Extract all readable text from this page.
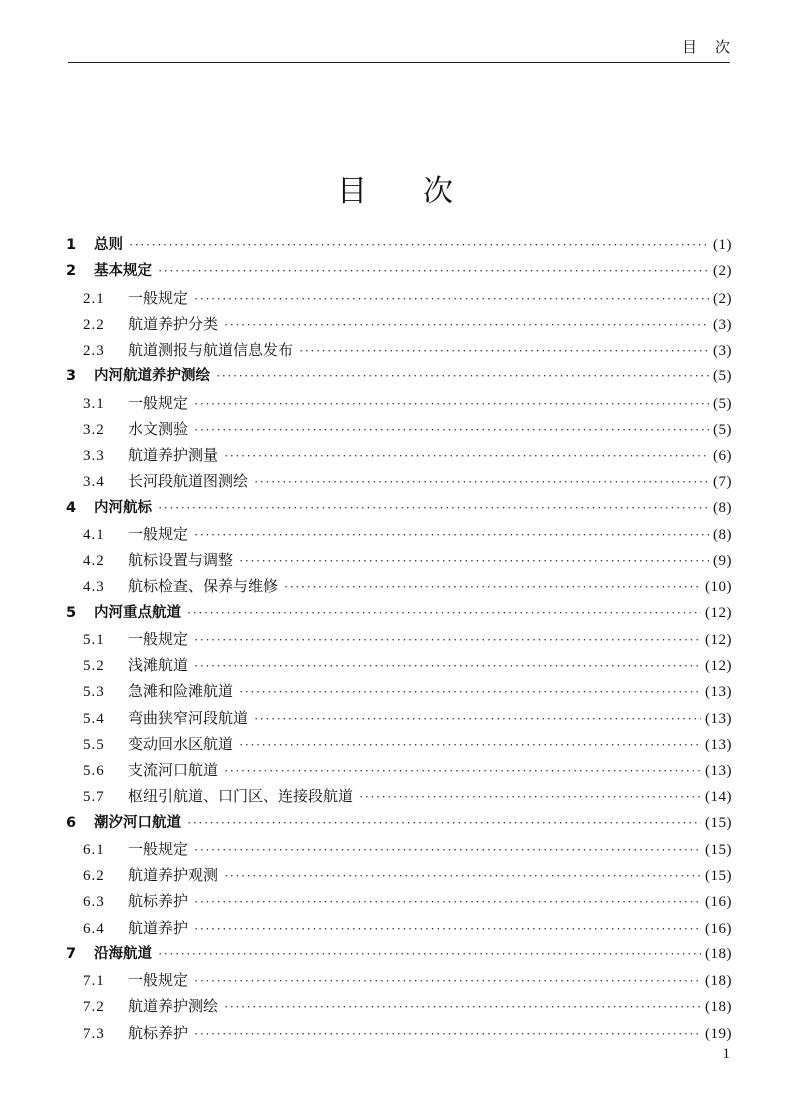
目次
目次
1	总则 ·····	(1)
2	基本规定 ·····	(2)
2.1	一般规定 ·····	(2)
2.2	航道养护分类 ·····	(3)
2.3	航道测报与航道信息发布 ·····	(3)
3	内河航道养护测绘 ·····	(5)
3.1	一般规定 ·····	(5)
3.2	水文测验 ·····	(5)
3.3	航道养护测量 ·····	(6)
3.4	长河段航道图测绘 ·····	(7)
4	内河航标 ·····	(8)
4.1	一般规定 ·····	(8)
4.2	航标设置与调整 ·····	(9)
4.3	航标检查、保养与维修 ·····	(10)
5	内河重点航道 ·····	(12)
5.1	一般规定 ·····	(12)
5.2	浅滩航道 ·····	(12)
5.3	急滩和险滩航道 ·····	(13)
5.4	弯曲狭窄河段航道 ·····	(13)
5.5	变动回水区航道 ·····	(13)
5.6	支流河口航道 ·····	(13)
5.7	枢纽引航道、口门区、连接段航道 ·····	(14)
6	潮汐河口航道 ·····	(15)
6.1	一般规定 ·····	(15)
6.2	航道养护观测 ·····	(15)
6.3	航标养护 ·····	(16)
6.4	航道养护 ·····	(16)
7	沿海航道 ·····	(18)
7.1	一般规定 ·····	(18)
7.2	航道养护测绘 ·····	(18)
7.3	航标养护 ·····	(19)
1
